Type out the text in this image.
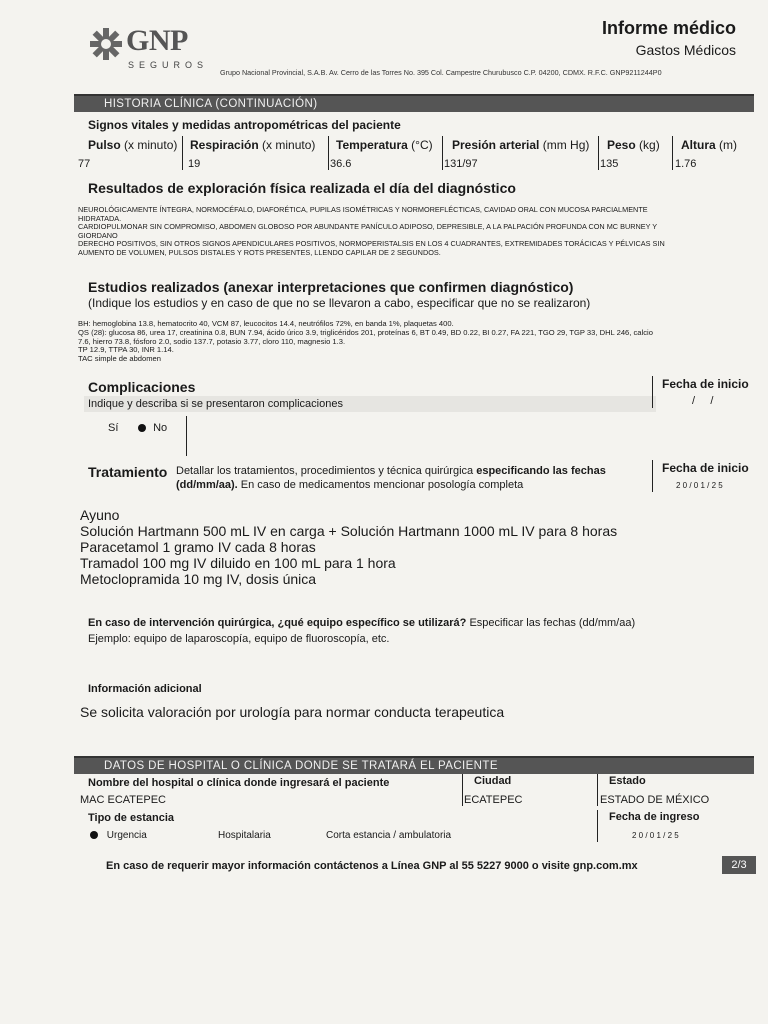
GNP
SEGUROS
Informe médico
Gastos Médicos
Grupo Nacional Provincial, S.A.B. Av. Cerro de las Torres No. 395 Col. Campestre Churubusco C.P. 04200, CDMX. R.F.C. GNP9211244P0
HISTORIA CLÍNICA (CONTINUACIÓN)
Signos vitales y medidas antropométricas del paciente
Pulso (x minuto)
77
Respiración (x minuto)
19
Temperatura (°C)
36.6
Presión arterial (mm Hg)
131/97
Peso (kg)
135
Altura (m)
1.76
Resultados de exploración física realizada el día del diagnóstico
NEUROLÓGICAMENTE ÍNTEGRA, NORMOCÉFALO, DIAFORÉTICA, PUPILAS ISOMÉTRICAS Y NORMOREFLÉCTICAS, CAVIDAD ORAL CON MUCOSA PARCIALMENTE
HIDRATADA.
CARDIOPULMONAR SIN COMPROMISO, ABDOMEN GLOBOSO POR ABUNDANTE PANÍCULO ADIPOSO, DEPRESIBLE, A LA PALPACIÓN PROFUNDA CON MC BURNEY Y
GIORDANO
DERECHO POSITIVOS, SIN OTROS SIGNOS APENDICULARES POSITIVOS, NORMOPERISTALSIS EN LOS 4 CUADRANTES, EXTREMIDADES TORÁCICAS Y PÉLVICAS SIN
AUMENTO DE VOLUMEN, PULSOS DISTALES Y ROTS PRESENTES, LLENDO CAPILAR DE 2 SEGUNDOS.
Estudios realizados (anexar interpretaciones que confirmen diagnóstico)
(Indique los estudios y en caso de que no se llevaron a cabo, especificar que no se realizaron)
BH: hemoglobina 13.8, hematocrito 40, VCM 87, leucocitos 14.4, neutrófilos 72%, en banda 1%, plaquetas 400.
QS (28): glucosa 86, urea 17, creatinina 0.8, BUN 7.94, ácido úrico 3.9, triglicéridos 201, proteínas 6, BT 0.49, BD 0.22, BI 0.27, FA 221, TGO 29, TGP 33, DHL 246, calcio
7.6, hierro 73.8, fósforo 2.0, sodio 137.7, potasio 3.77, cloro 110, magnesio 1.3.
TP 12.9, TTPA 30, INR 1.14.
TAC simple de abdomen
Complicaciones
Indique y describa si se presentaron complicaciones
Fecha de inicio
/     /
Sí	No
Tratamiento Detallar los tratamientos, procedimientos y técnica quirúrgica especificando las fechas
(dd/mm/aa). En caso de medicamentos mencionar posología completa
Fecha de inicio
2 0 / 0 1 / 2 5
Ayuno
Solución Hartmann 500 mL IV en carga + Solución Hartmann 1000 mL IV para 8 horas
Paracetamol 1 gramo IV cada 8 horas
Tramadol 100 mg IV diluido en 100 mL para 1 hora
Metoclopramida 10 mg IV, dosis única
En caso de intervención quirúrgica, ¿qué equipo específico se utilizará? Especificar las fechas (dd/mm/aa)
Ejemplo: equipo de laparoscopía, equipo de fluoroscopía, etc.
Información adicional
Se solicita valoración por urología para normar conducta terapeutica
DATOS DE HOSPITAL O CLÍNICA DONDE SE TRATARÁ EL PACIENTE
Nombre del hospital o clínica donde ingresará el paciente
MAC ECATEPEC
Ciudad
ECATEPEC
Estado
ESTADO DE MÉXICO
Tipo de estancia
Urgencia	Hospitalaria	Corta estancia / ambulatoria
Fecha de ingreso
2 0 / 0 1 / 2 5
En caso de requerir mayor información contáctenos a Línea GNP al 55 5227 9000 o visite gnp.com.mx	2/3
